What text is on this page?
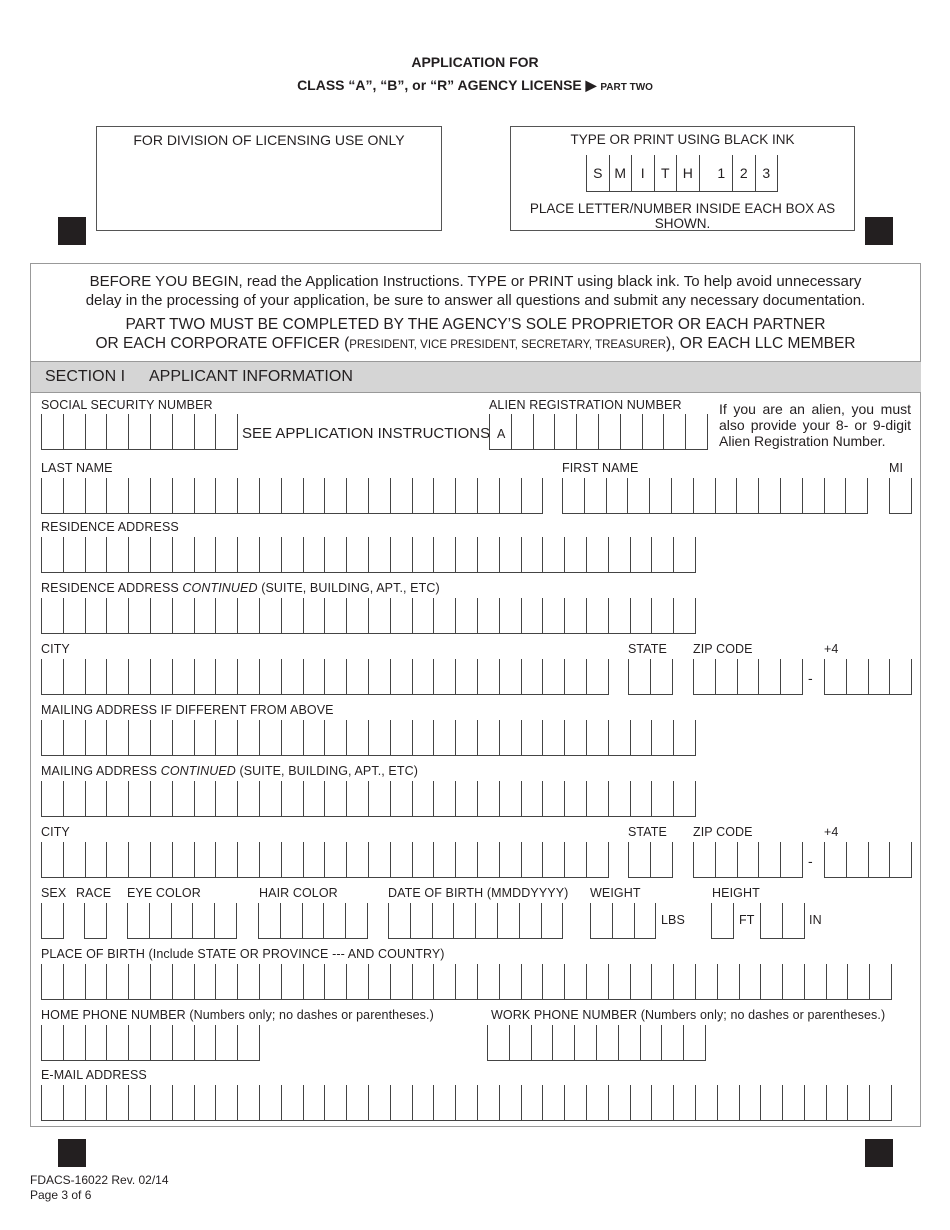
APPLICATION FOR
CLASS “A”, “B”, or “R” AGENCY LICENSE ▶ PART TWO
FOR DIVISION OF LICENSING USE ONLY	TYPE OR PRINT USING BLACK INK
S M	I	T H	1	2	3
PLACE LETTER/NUMBER INSIDE EACH BOX AS SHOWN.
BEFORE YOU BEGIN, read the Application Instructions. TYPE or PRINT using black ink. To help avoid unnecessary
delay in the processing of your application, be sure to answer all questions and submit any necessary documentation.
PART TWO MUST BE COMPLETED BY THE AGENCY’S SOLE PROPRIETOR OR EACH PARTNER
OR EACH CORPORATE OFFICER (PRESIDENT, VICE PRESIDENT, SECRETARY, TREASURER), OR EACH LLC MEMBER
SECTION I APPLICANT INFORMATION
SOCIAL SECURITY NUMBER
SEE APPLICATION INSTRUCTIONS
ALIEN REGISTRATION NUMBER
A
If you are an alien, you must also provide your 8- or 9-digit Alien Registration Number.
LAST NAME	FIRST NAME	MI
RESIDENCE ADDRESS
RESIDENCE ADDRESS CONTINUED (SUITE, BUILDING, APT., ETC)
CITY	STATE ZIP CODE	+4
-
MAILING ADDRESS IF DIFFERENT FROM ABOVE
MAILING ADDRESS CONTINUED (SUITE, BUILDING, APT., ETC)
CITY	STATE ZIP CODE	+4
-
SEX RACE EYE COLOR	HAIR COLOR	DATE OF BIRTH (MMDDYYYY) WEIGHT	HEIGHT
LBS	FT	IN
PLACE OF BIRTH (Include STATE OR PROVINCE --- AND COUNTRY)
HOME PHONE NUMBER (Numbers only; no dashes or parentheses.)	WORK PHONE NUMBER (Numbers only; no dashes or parentheses.)
E-MAIL ADDRESS
FDACS-16022 Rev. 02/14
Page 3 of 6
